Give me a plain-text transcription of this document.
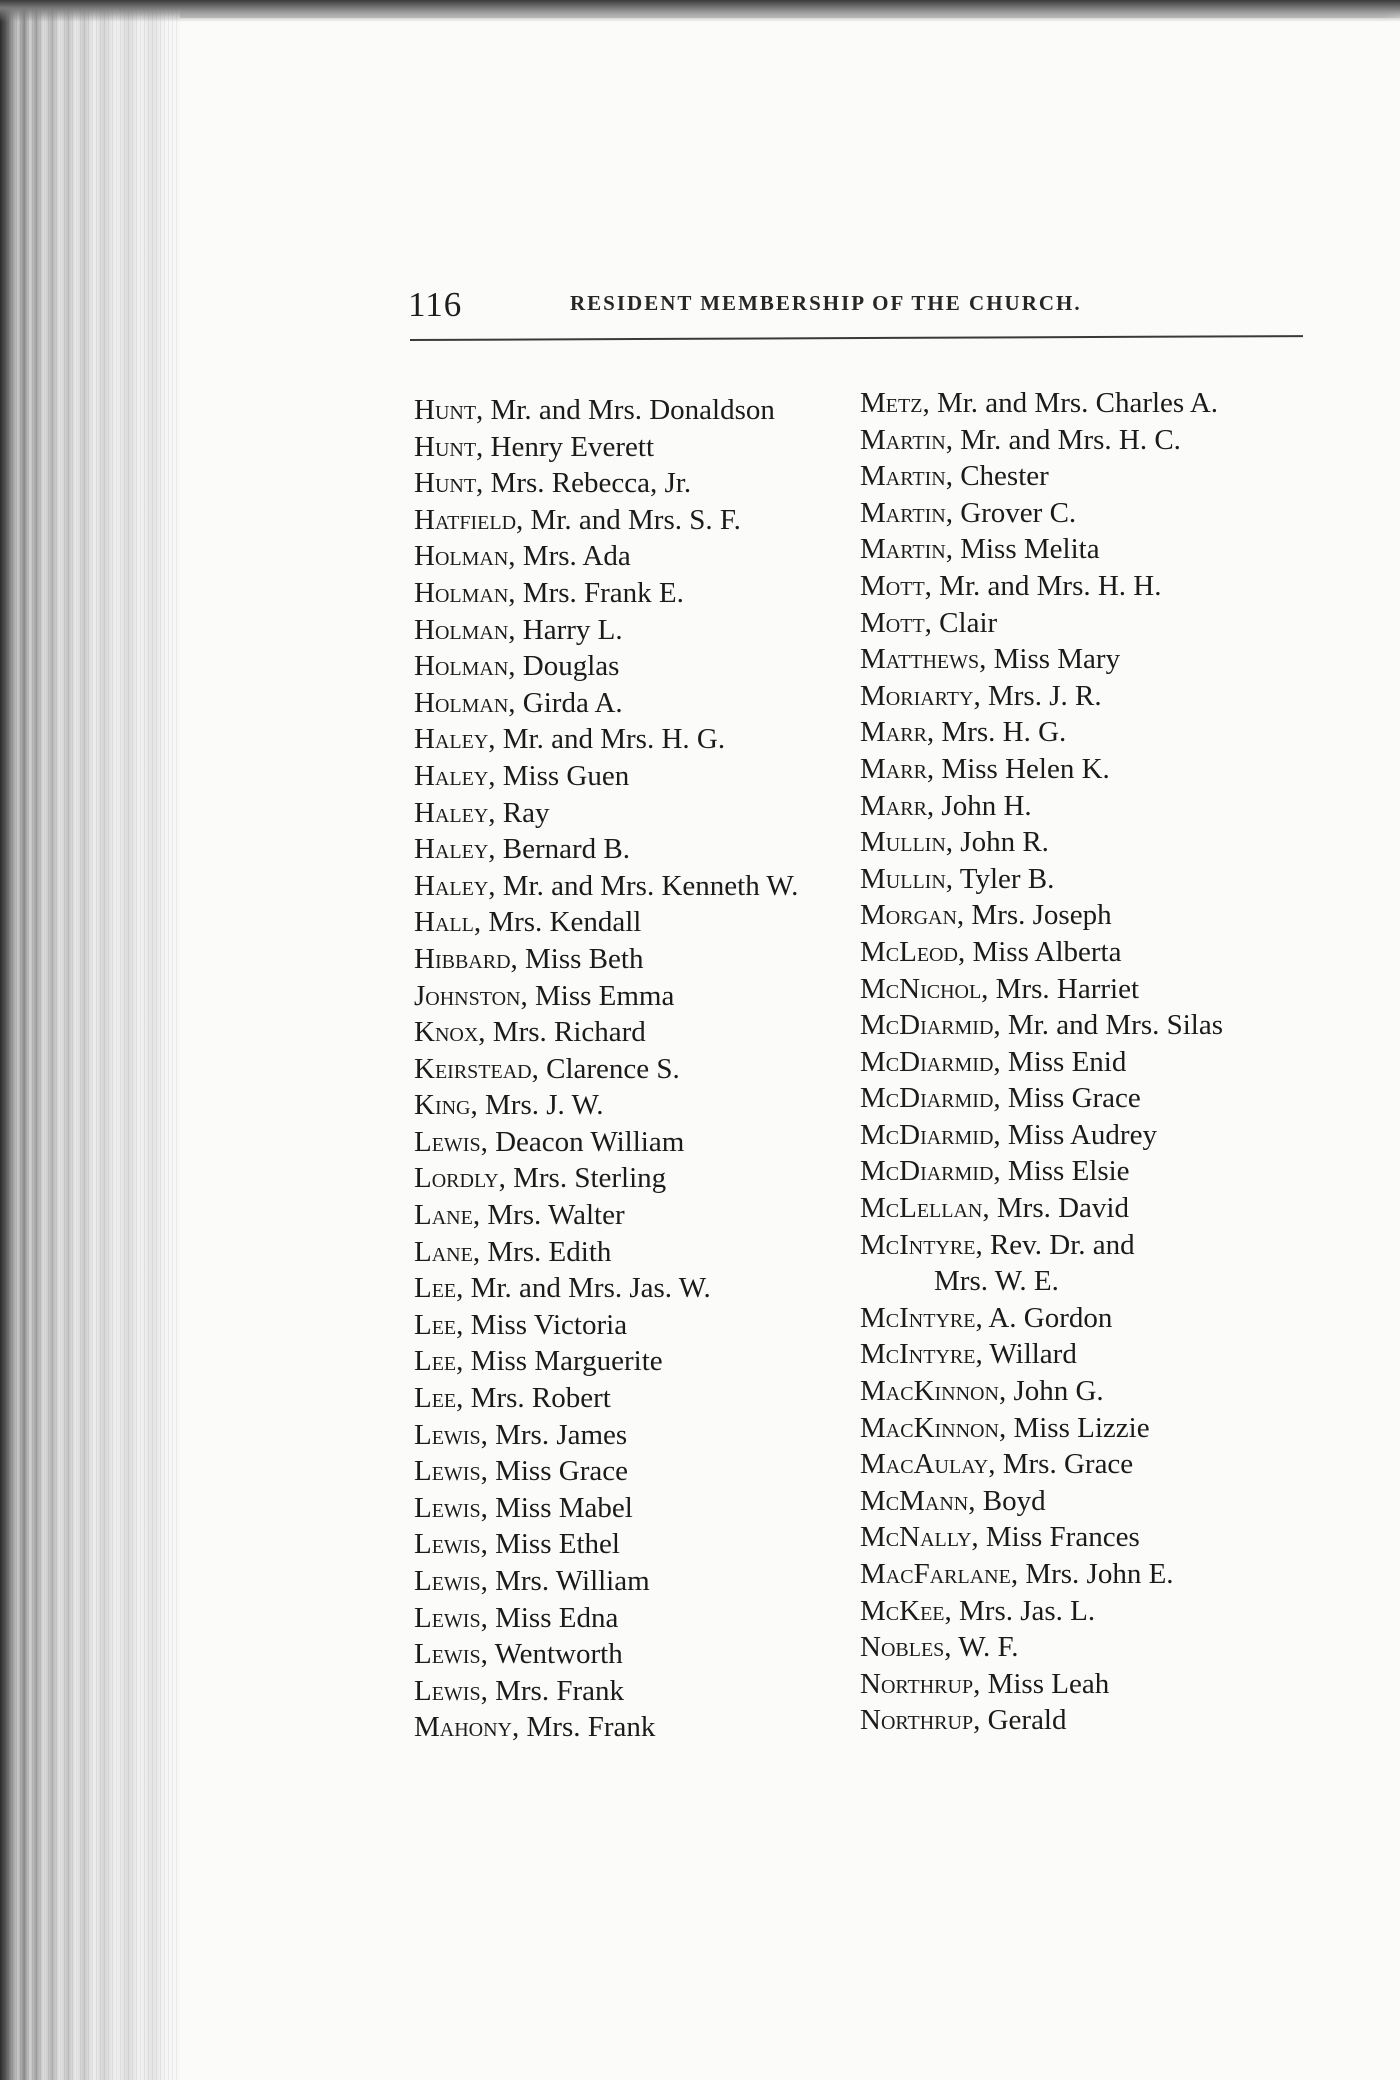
116	RESIDENT MEMBERSHIP OF THE CHURCH.
Hunt, Mr. and Mrs. Donaldson
Hunt, Henry Everett
Hunt, Mrs. Rebecca, Jr.
Hatfield, Mr. and Mrs. S. F.
Holman, Mrs. Ada
Holman, Mrs. Frank E.
Holman, Harry L.
Holman, Douglas
Holman, Girda A.
Haley, Mr. and Mrs. H. G.
Haley, Miss Guen
Haley, Ray
Haley, Bernard B.
Haley, Mr. and Mrs. Kenneth W.
Hall, Mrs. Kendall
Hibbard, Miss Beth
Johnston, Miss Emma
Knox, Mrs. Richard
Keirstead, Clarence S.
King, Mrs. J. W.
Lewis, Deacon William
Lordly, Mrs. Sterling
Lane, Mrs. Walter
Lane, Mrs. Edith
Lee, Mr. and Mrs. Jas. W.
Lee, Miss Victoria
Lee, Miss Marguerite
Lee, Mrs. Robert
Lewis, Mrs. James
Lewis, Miss Grace
Lewis, Miss Mabel
Lewis, Miss Ethel
Lewis, Mrs. William
Lewis, Miss Edna
Lewis, Wentworth
Lewis, Mrs. Frank
Mahony, Mrs. Frank
Metz, Mr. and Mrs. Charles A.
Martin, Mr. and Mrs. H. C.
Martin, Chester
Martin, Grover C.
Martin, Miss Melita
Mott, Mr. and Mrs. H. H.
Mott, Clair
Matthews, Miss Mary
Moriarty, Mrs. J. R.
Marr, Mrs. H. G.
Marr, Miss Helen K.
Marr, John H.
Mullin, John R.
Mullin, Tyler B.
Morgan, Mrs. Joseph
McLeod, Miss Alberta
McNichol, Mrs. Harriet
McDiarmid, Mr. and Mrs. Silas
McDiarmid, Miss Enid
McDiarmid, Miss Grace
McDiarmid, Miss Audrey
McDiarmid, Miss Elsie
McLellan, Mrs. David
McIntyre, Rev. Dr. and
Mrs. W. E.
McIntyre, A. Gordon
McIntyre, Willard
MacKinnon, John G.
MacKinnon, Miss Lizzie
MacAulay, Mrs. Grace
McMann, Boyd
McNally, Miss Frances
MacFarlane, Mrs. John E.
McKee, Mrs. Jas. L.
Nobles, W. F.
Northrup, Miss Leah
Northrup, Gerald
